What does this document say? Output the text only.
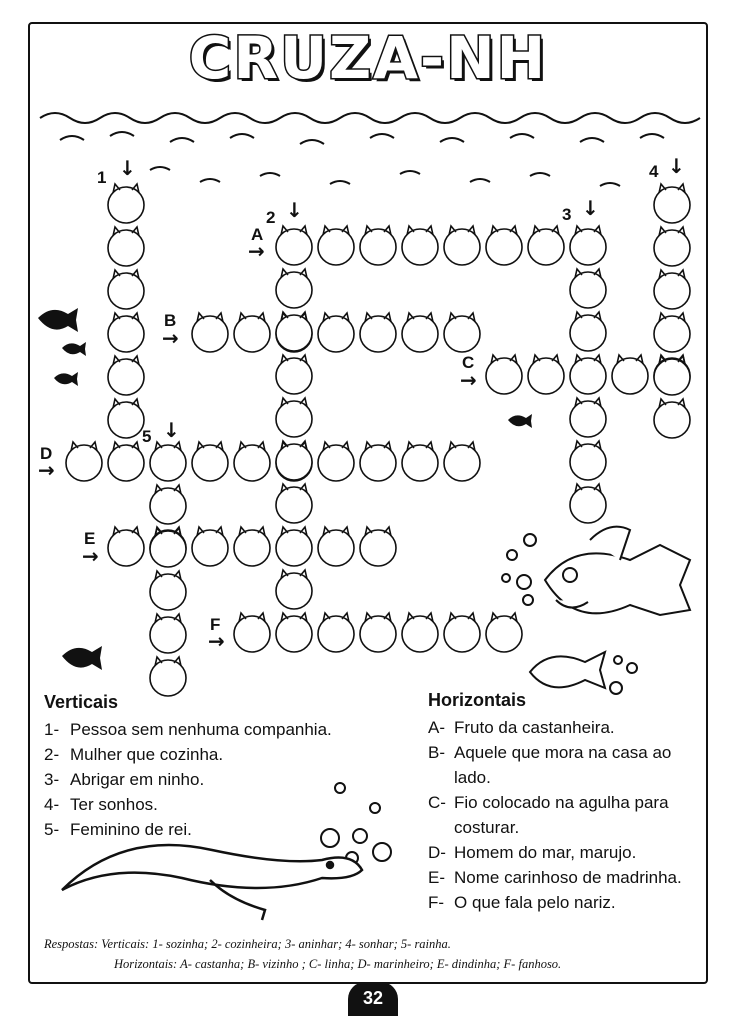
CRUZA-NH
1 ↓
2 ↓	3 ↓
4 ↓
5 ↓
A
→
B
→
C
→
D
→
E
→
F
→
Verticais
1- Pessoa sem nenhuma companhia.
2- Mulher que cozinha.
3- Abrigar em ninho.
4- Ter sonhos.
5- Feminino de rei.
Horizontais
A- Fruto da castanheira.
B- Aquele que mora na casa ao lado.
C- Fio colocado na agulha para costurar.
D- Homem do mar, marujo.
E- Nome carinhoso de madrinha.
F- O que fala pelo nariz.
Respostas: Verticais: 1- sozinha; 2- cozinheira; 3- aninhar; 4- sonhar; 5- rainha.
Horizontais: A- castanha; B- vizinho ; C- linha; D- marinheiro; E- dindinha; F- fanhoso.
32
